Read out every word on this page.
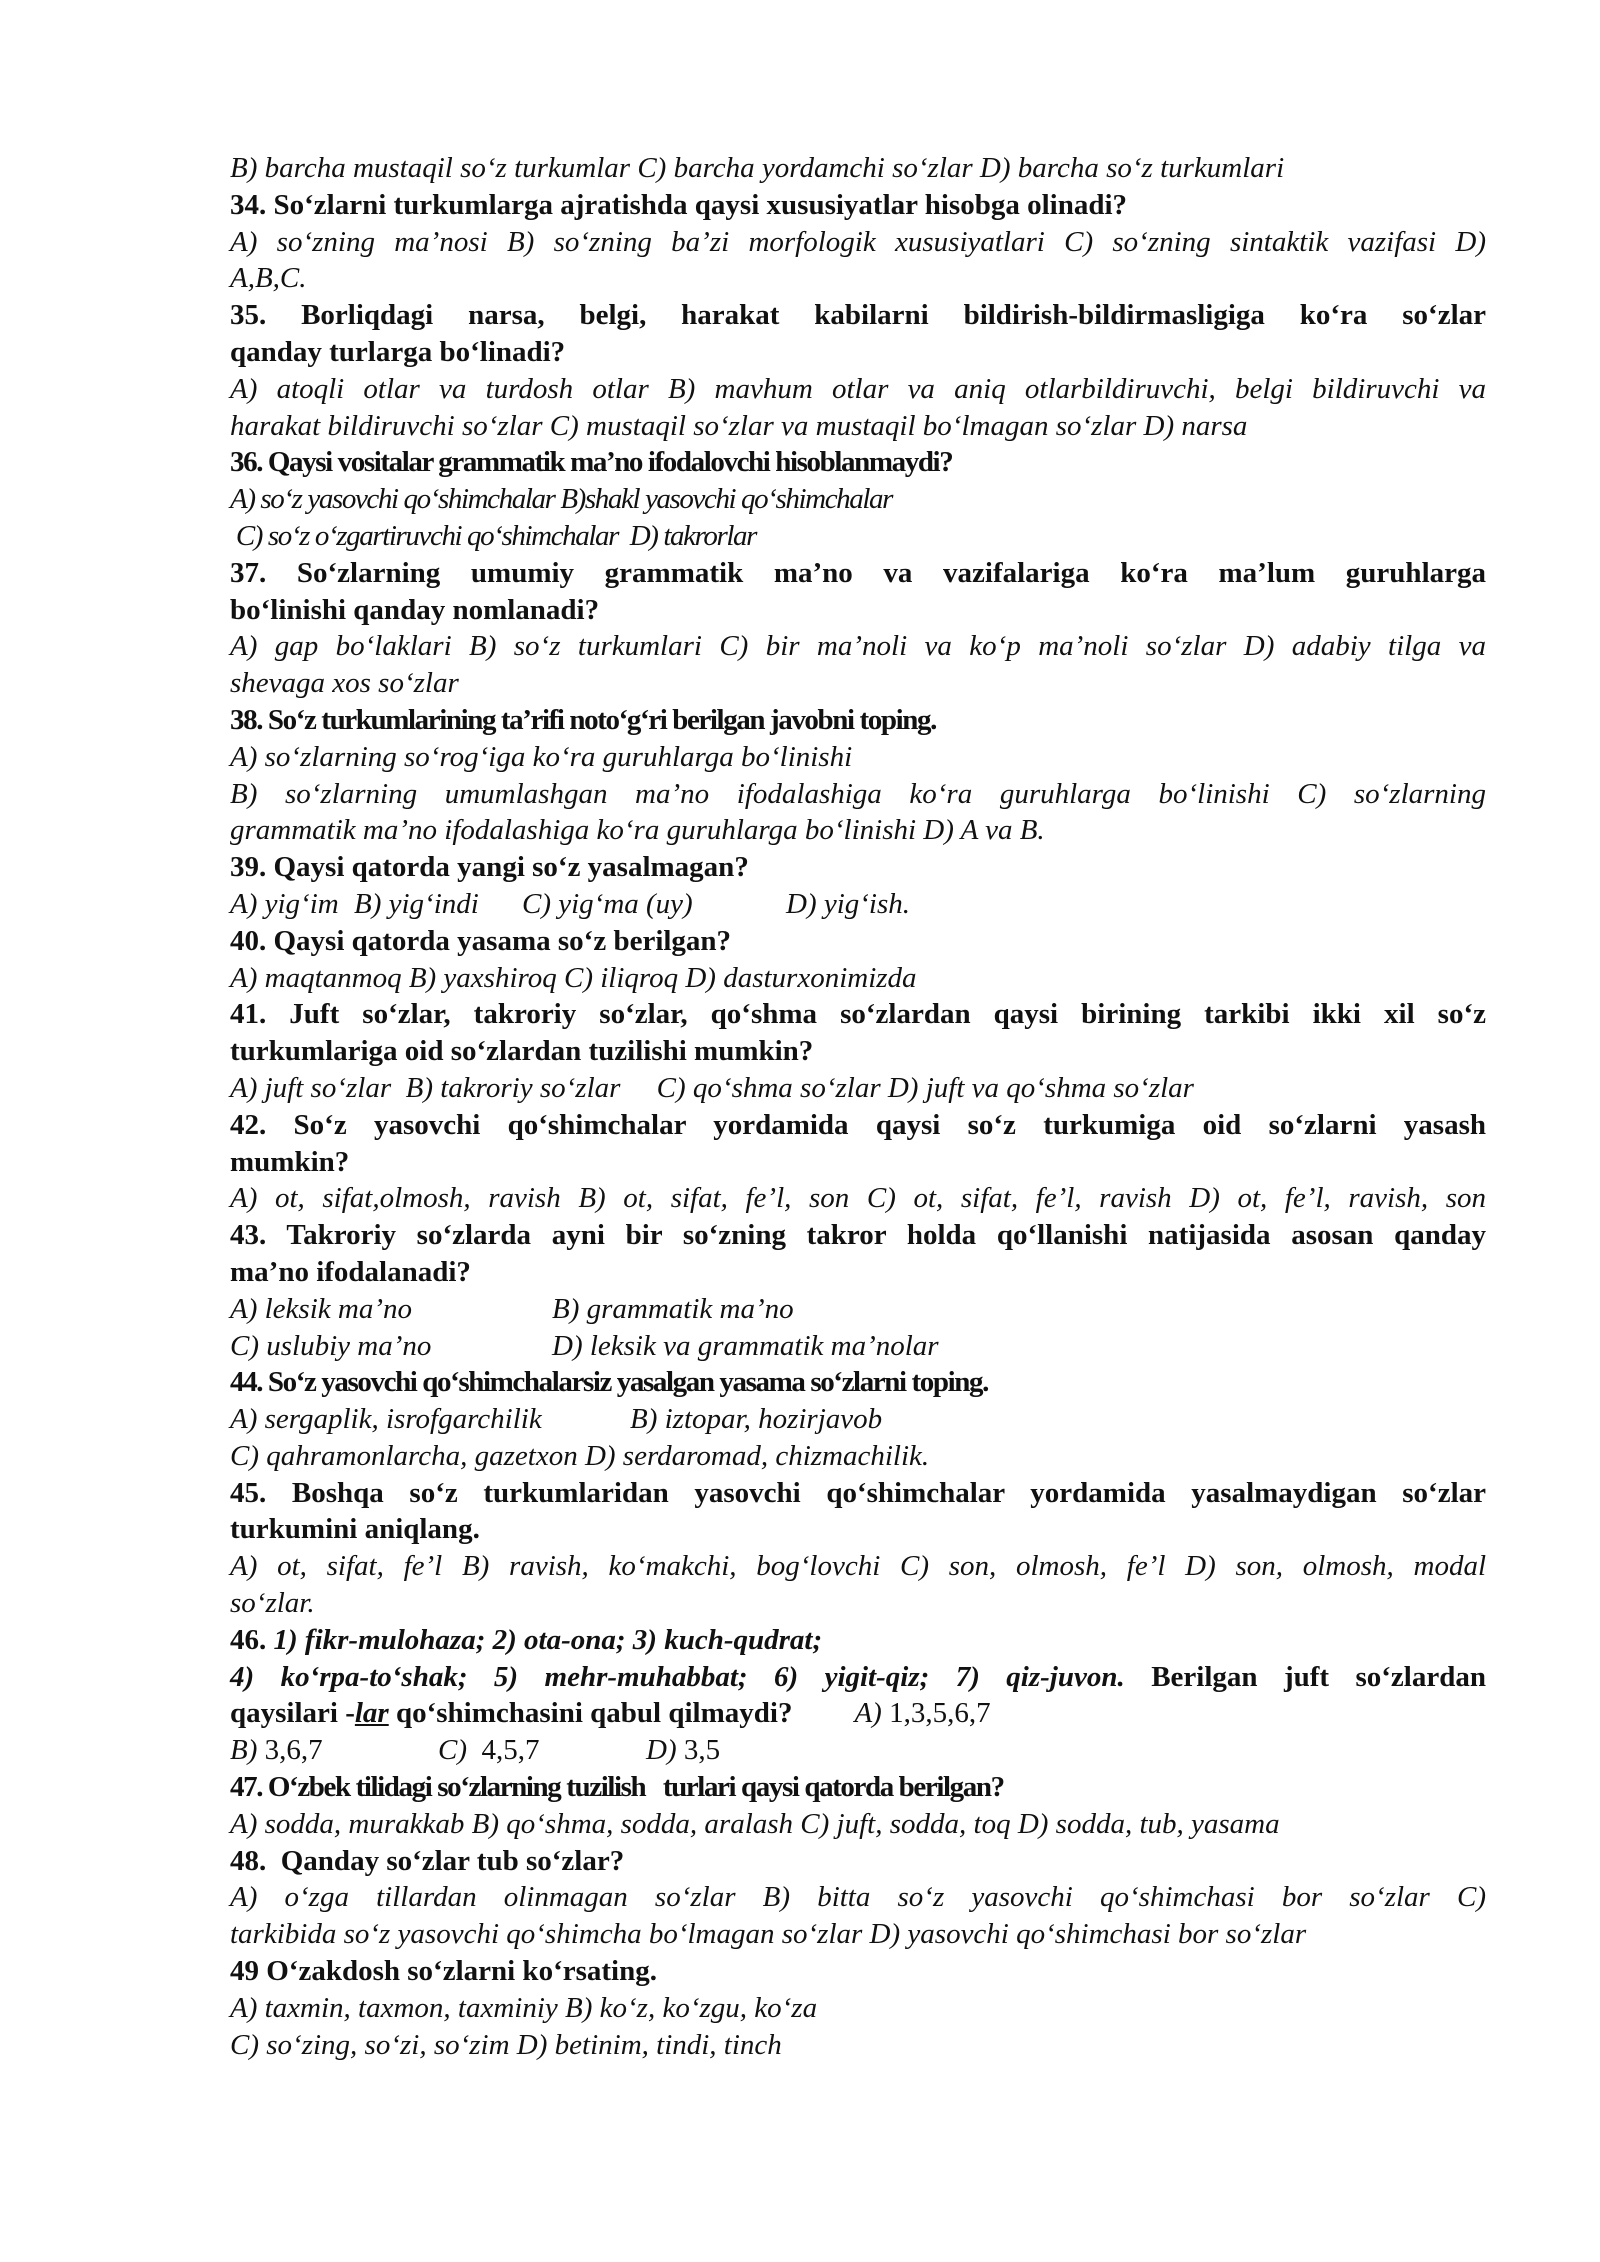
B) barcha mustaqil so‘z turkumlar C) barcha yordamchi so‘zlar D) barcha so‘z turkumlari

34. So‘zlarni turkumlarga ajratishda qaysi xususiyatlar hisobga olinadi?

A) so‘zning ma’nosi B) so‘zning ba’zi morfologik xususiyatlari C) so‘zning sintaktik vazifasi D)

A,B,C.

35. Borliqdagi narsa, belgi, harakat kabilarni bildirish-bildirmasligiga ko‘ra so‘zlar

qanday turlarga bo‘linadi?

A) atoqli otlar va turdosh otlar B) mavhum otlar va aniq otlarbildiruvchi, belgi bildiruvchi va

harakat bildiruvchi so‘zlar C) mustaqil so‘zlar va mustaqil bo‘lmagan so‘zlar D) narsa

36. Qaysi vositalar grammatik ma’no ifodalovchi hisoblanmaydi?

A) so‘z yasovchi qo‘shimchalar B)shakl yasovchi qo‘shimchalar

C) so‘z o‘zgartiruvchi qo‘shimchalar  D) takrorlar

37. So‘zlarning umumiy grammatik ma’no va vazifalariga ko‘ra ma’lum guruhlarga

bo‘linishi qanday nomlanadi?

A) gap bo‘laklari B) so‘z turkumlari C) bir ma’noli va ko‘p ma’noli so‘zlar D) adabiy tilga va

shevaga xos so‘zlar

38. So‘z turkumlarining ta’rifi noto‘g‘ri berilgan javobni toping.

A) so‘zlarning so‘rog‘iga ko‘ra guruhlarga bo‘linishi

B) so‘zlarning umumlashgan ma’no ifodalashiga ko‘ra guruhlarga bo‘linishi C) so‘zlarning

grammatik ma’no ifodalashiga ko‘ra guruhlarga bo‘linishi D) A va B.

39. Qaysi qatorda yangi so‘z yasalmagan?

A) yig‘im B) yig‘indi C) yig‘ma (uy)	D) yig‘ish.

40. Qaysi qatorda yasama so‘z berilgan?

A) maqtanmoq B) yaxshiroq C) iliqroq D) dasturxonimizda

41. Juft so‘zlar, takroriy so‘zlar, qo‘shma so‘zlardan qaysi birining tarkibi ikki xil so‘z

turkumlariga oid so‘zlardan tuzilishi mumkin?

A) juft so‘zlar  B) takroriy so‘zlar     C) qo‘shma so‘zlar D) juft va qo‘shma so‘zlar

42. So‘z yasovchi qo‘shimchalar yordamida qaysi so‘z turkumiga oid so‘zlarni yasash

mumkin?

A) ot, sifat,olmosh, ravish B) ot, sifat, fe’l, son C) ot, sifat, fe’l, ravish D) ot, fe’l, ravish, son

43. Takroriy so‘zlarda ayni bir so‘zning takror holda qo‘llanishi natijasida asosan qanday

ma’no ifodalanadi?

A) leksik ma’no	B) grammatik ma’no

C) uslubiy ma’no	D) leksik va grammatik ma’nolar

44. So‘z yasovchi qo‘shimchalarsiz yasalgan yasama so‘zlarni toping.

A) sergaplik, isrofgarchilik	B) iztopar, hozirjavob

C) qahramonlarcha, gazetxon D) serdaromad, chizmachilik.

45. Boshqa so‘z turkumlaridan yasovchi qo‘shimchalar yordamida yasalmaydigan so‘zlar

turkumini aniqlang.

A) ot, sifat, fe’l B) ravish, ko‘makchi, bog‘lovchi C) son, olmosh, fe’l D) son, olmosh, modal

so‘zlar.

46. 1) fikr-mulohaza; 2) ota-ona; 3) kuch-qudrat;

4) ko‘rpa-to‘shak; 5) mehr-muhabbat; 6) yigit-qiz; 7) qiz-juvon. Berilgan juft so‘zlardan

qaysilari -lar qo‘shimchasini qabul qilmaydi? A) 1,3,5,6,7

B) 3,6,7	C)  4,5,7	D) 3,5

47. O‘zbek tilidagi so‘zlarning tuzilish   turlari qaysi qatorda berilgan?

A) sodda, murakkab B) qo‘shma, sodda, aralash C) juft, sodda, toq D) sodda, tub, yasama

48.  Qanday so‘zlar tub so‘zlar?

A) o‘zga tillardan olinmagan so‘zlar B) bitta so‘z yasovchi qo‘shimchasi bor so‘zlar C)

tarkibida so‘z yasovchi qo‘shimcha bo‘lmagan so‘zlar D) yasovchi qo‘shimchasi bor so‘zlar

49 O‘zakdosh so‘zlarni ko‘rsating.

A) taxmin, taxmon, taxminiy B) ko‘z, ko‘zgu, ko‘za

C) so‘zing, so‘zi, so‘zim D) betinim, tindi, tinch
